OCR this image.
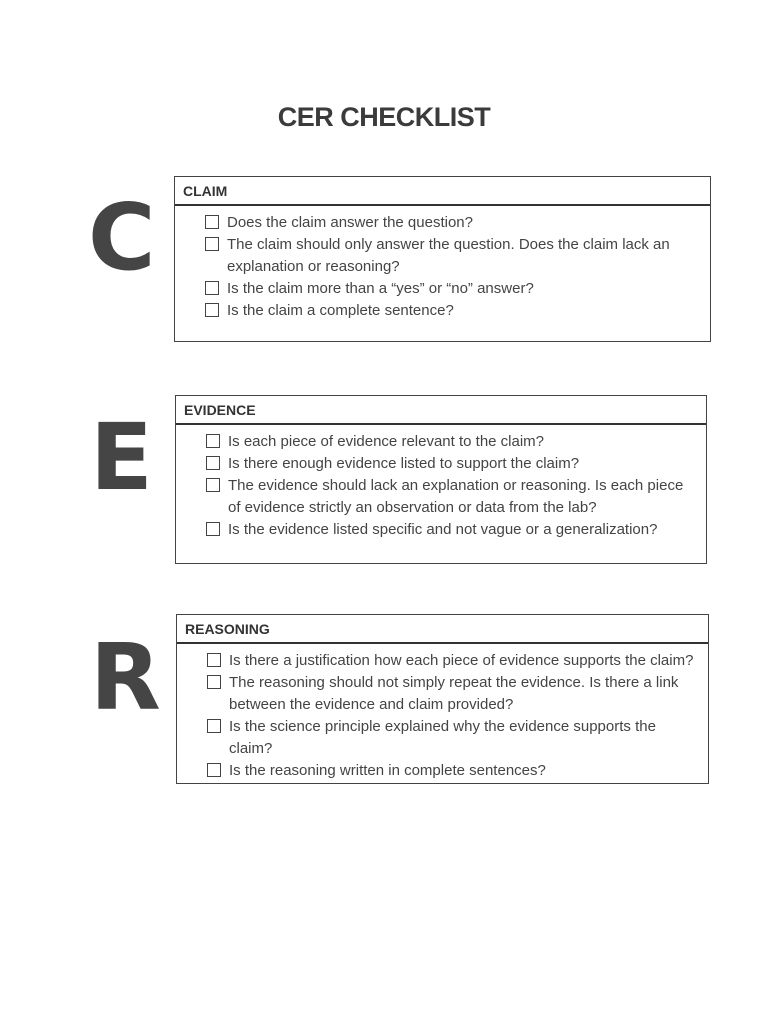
CER CHECKLIST
C	CLAIM
Does the claim answer the question?
The claim should only answer the question. Does the claim lack an explanation or reasoning?
Is the claim more than a “yes” or “no” answer?
Is the claim a complete sentence?
E	EVIDENCE
Is each piece of evidence relevant to the claim?
Is there enough evidence listed to support the claim?
The evidence should lack an explanation or reasoning. Is each piece of evidence strictly an observation or data from the lab?
Is the evidence listed specific and not vague or a generalization?
R	REASONING
Is there a justification how each piece of evidence supports the claim?
The reasoning should not simply repeat the evidence. Is there a link between the evidence and claim provided?
Is the science principle explained why the evidence supports the claim?
Is the reasoning written in complete sentences?
